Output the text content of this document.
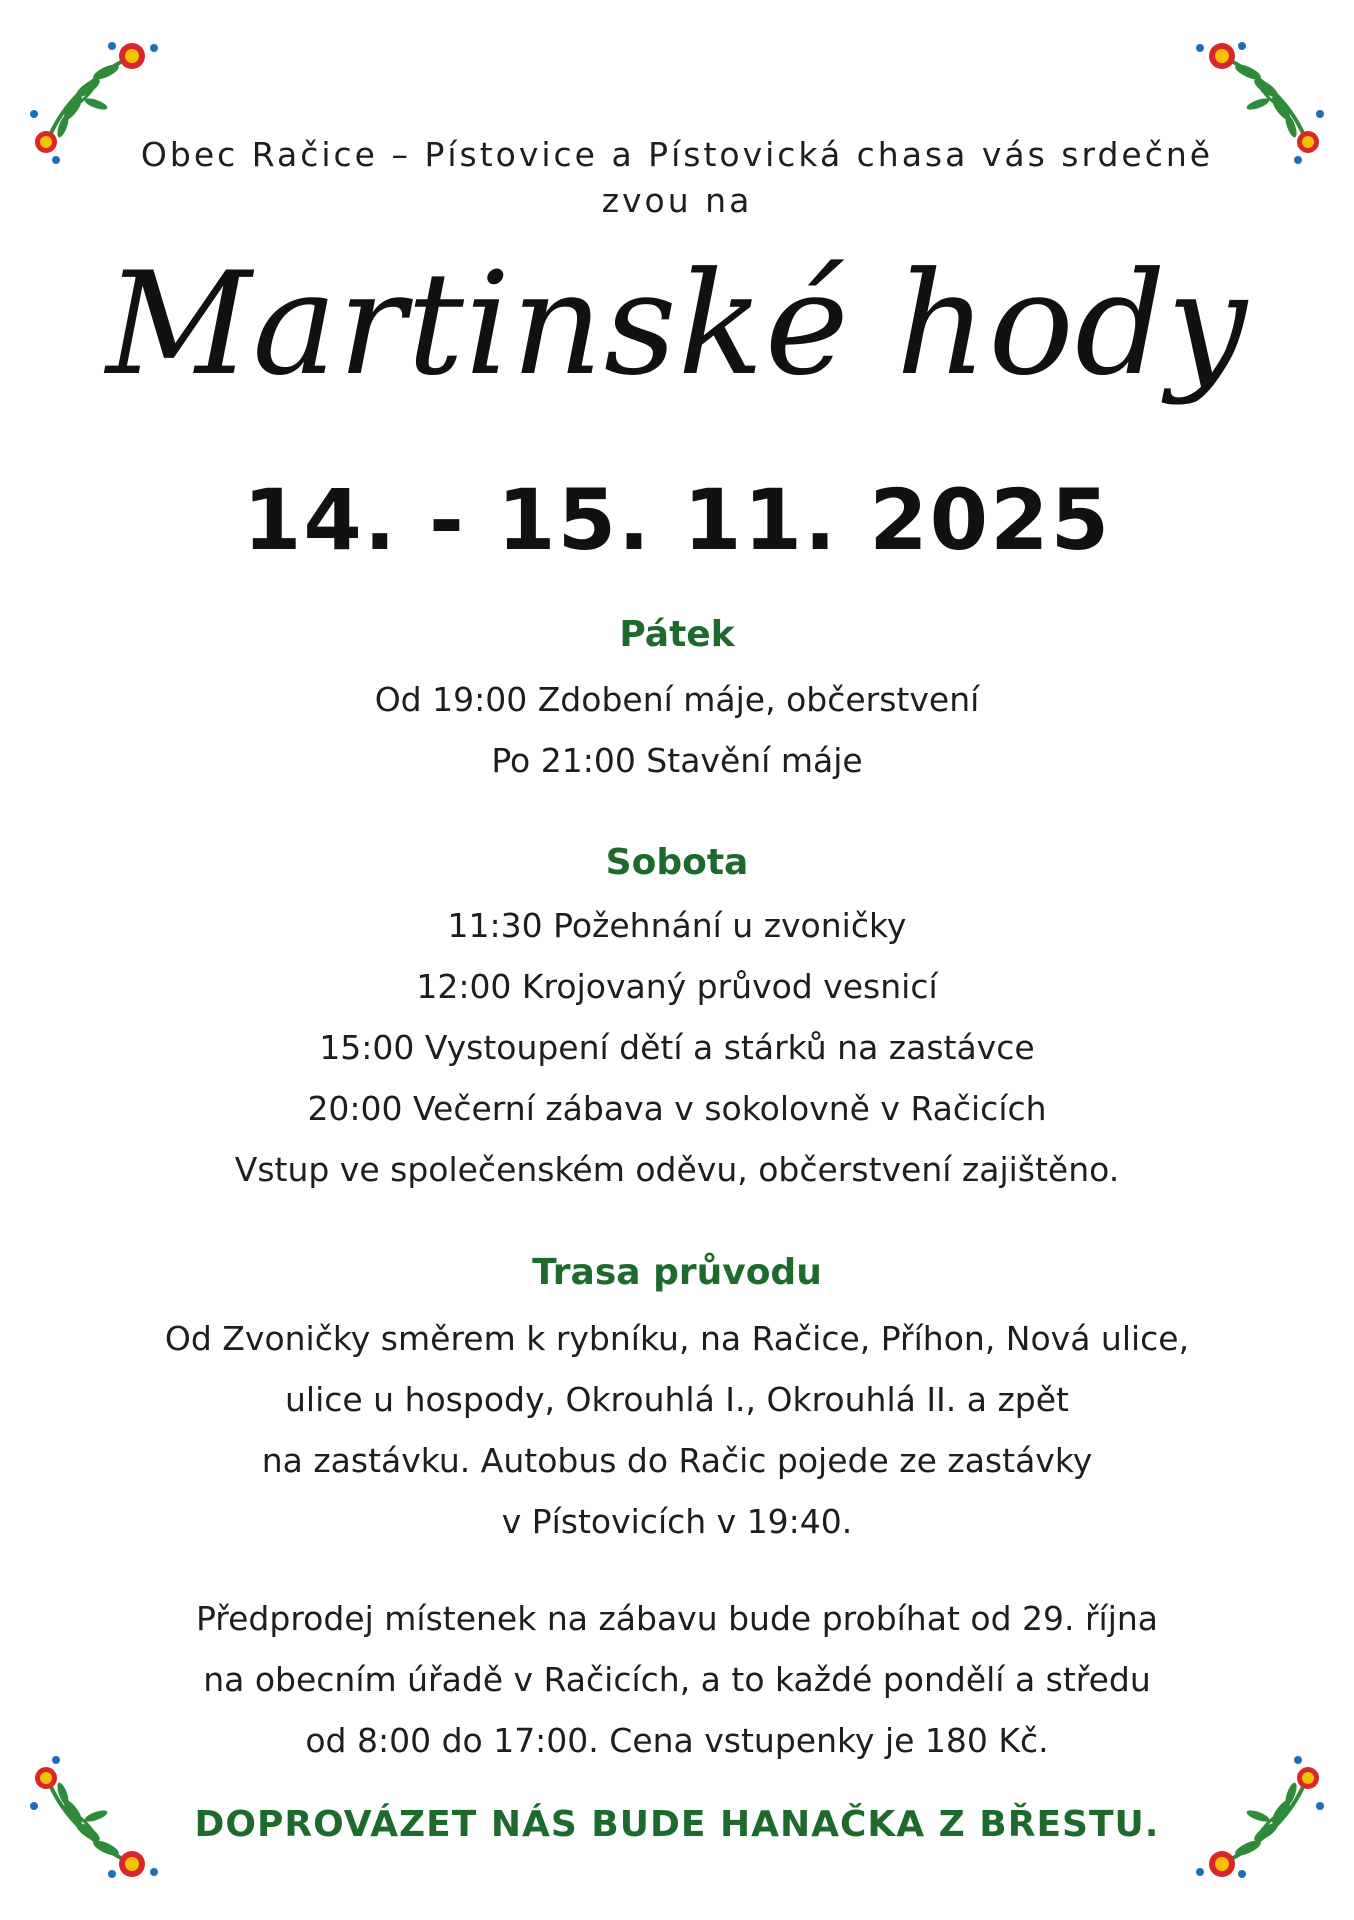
Obec Račice – Pístovice a Pístovická chasa vás srdečně
zvou na
Martinské hody
14. - 15. 11. 2025
Pátek
Od 19:00 Zdobení máje, občerstvení
Po 21:00 Stavění máje
Sobota
11:30 Požehnání u zvoničky
12:00 Krojovaný průvod vesnicí
15:00 Vystoupení dětí a stárků na zastávce
20:00 Večerní zábava v sokolovně v Račicích
Vstup ve společenském oděvu, občerstvení zajištěno.
Trasa průvodu
Od Zvoničky směrem k rybníku, na Račice, Příhon, Nová ulice,
ulice u hospody, Okrouhlá I., Okrouhlá II. a zpět
na zastávku. Autobus do Račic pojede ze zastávky
v Pístovicích v 19:40.
Předprodej místenek na zábavu bude probíhat od 29. října
na obecním úřadě v Račicích, a to každé pondělí a středu
od 8:00 do 17:00. Cena vstupenky je 180 Kč.
DOPROVÁZET NÁS BUDE HANAČKA Z BŘESTU.
